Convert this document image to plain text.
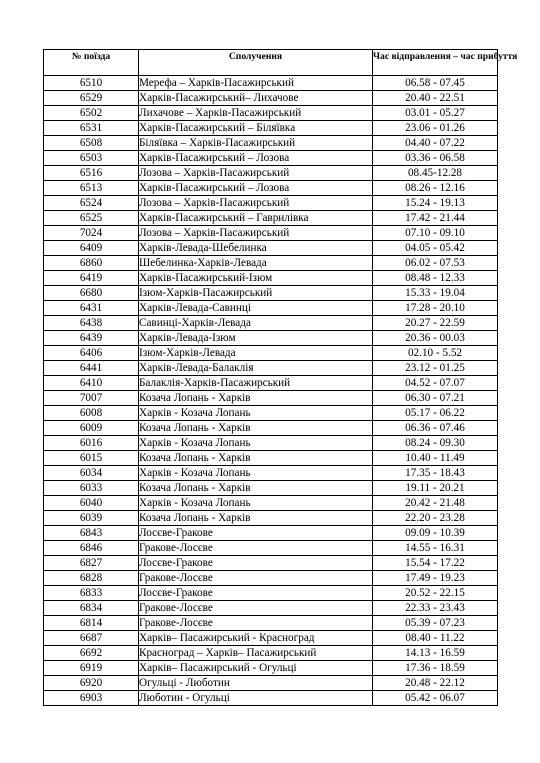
№ поїзда	Сполучення	Час відправлення – час прибуття
6510	Мерефа – Харків-Пасажирський	06.58 - 07.45
6529	Харків-Пасажирський– Лихачове	20.40 - 22.51
6502	Лихачове – Харків-Пасажирський	03.01 - 05.27
6531	Харків-Пасажирський – Біляївка	23.06 - 01.26
6508	Біляївка – Харків-Пасажирський	04.40 - 07.22
6503	Харків-Пасажирський – Лозова	03.36 - 06.58
6516	Лозова – Харків-Пасажирський	08.45-12.28
6513	Харків-Пасажирський – Лозова	08.26 - 12.16
6524	Лозова – Харків-Пасажирський	15.24 - 19.13
6525	Харків-Пасажирський – Гаврилівка	17.42 - 21.44
7024	Лозова – Харків-Пасажирський	07.10 - 09.10
6409	Харків-Левада-Шебелинка	04.05 - 05.42
6860	Шебелинка-Харків-Левада	06.02 - 07.53
6419	Харків-Пасажирський-Ізюм	08.48 - 12.33
6680	Ізюм-Харків-Пасажирський	15.33 - 19.04
6431	Харків-Левада-Савинці	17.28 - 20.10
6438	Савинці-Харків-Левада	20.27 - 22.59
6439	Харків-Левада-Ізюм	20.36 - 00.03
6406	Ізюм-Харків-Левада	02.10 - 5.52
6441	Харків-Левада-Балаклія	23.12 - 01.25
6410	Балаклія-Харків-Пасажирський	04.52 - 07.07
7007	Козача Лопань - Харків	06.30 - 07.21
6008	Харків - Козача Лопань	05.17 - 06.22
6009	Козача Лопань - Харків	06.36 - 07.46
6016	Харків - Козача Лопань	08.24 - 09.30
6015	Козача Лопань - Харків	10.40 - 11.49
6034	Харків - Козача Лопань	17.35 - 18.43
6033	Козача Лопань - Харків	19.11 - 20.21
6040	Харків - Козача Лопань	20.42 - 21.48
6039	Козача Лопань - Харків	22.20 - 23.28
6843	Лосєве-Гракове	09.09 - 10.39
6846	Гракове-Лосєве	14.55 - 16.31
6827	Лосєве-Гракове	15.54 - 17.22
6828	Гракове-Лосєве	17.49 - 19.23
6833	Лосєве-Гракове	20.52 - 22.15
6834	Гракове-Лосєве	22.33 - 23.43
6814	Гракове-Лосєве	05.39 - 07.23
6687	Харків– Пасажирський - Красноград	08.40 - 11.22
6692	Красноград – Харків– Пасажирський	14.13 - 16.59
6919	Харків– Пасажирський - Огульці	17.36 - 18.59
6920	Огульці - Люботин	20.48 - 22.12
6903	Люботин - Огульці	05.42 - 06.07
